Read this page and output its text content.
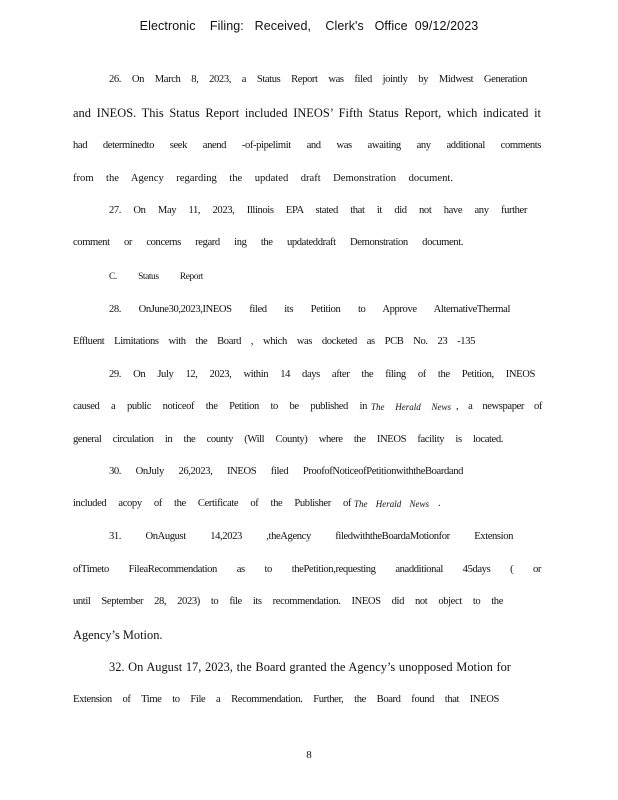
Electronic    Filing:   Received,    Clerk's   Office  09/12/2023
26. On March 8, 2023, a Status Report was filed jointly by Midwest Generation
and INEOS. This Status Report included INEOS’ Fifth Status Report, which indicated it
had determinedto seek anend -of-pipelimit and was awaiting any additional comments
from the Agency regarding the updated draft Demonstration document.
27. On May 11, 2023, Illinois EPA stated that it did not have any further
comment or concerns regard ing the updateddraft Demonstration document.
C. Status Report
28. OnJune30,2023,INEOS filed its Petition to Approve AlternativeThermal
Effluent Limitations with the Board , which was docketed as PCB No. 23 -135
29. On July 12, 2023, within 14 days after the filing of the Petition, INEOS
caused a public noticeof the Petition to be published in The Herald News , a newspaper of
general circulation in the county (Will County) where the INEOS facility is located.
30. OnJuly 26,2023, INEOS filed ProofofNoticeofPetitionwiththeBoardand
included acopy of the Certificate of the Publisher of The Herald News .
31. OnAugust 14,2023 ,theAgency filedwiththeBoardaMotionfor Extension
ofTimeto FileaRecommendation as to thePetition,requesting anadditional 45days ( or
until September 28, 2023) to file its recommendation. INEOS did not object to the
Agency’s Motion.
32. On August 17, 2023, the Board granted the Agency’s unopposed Motion for
Extension of Time to File a Recommendation. Further, the Board found that INEOS
8
